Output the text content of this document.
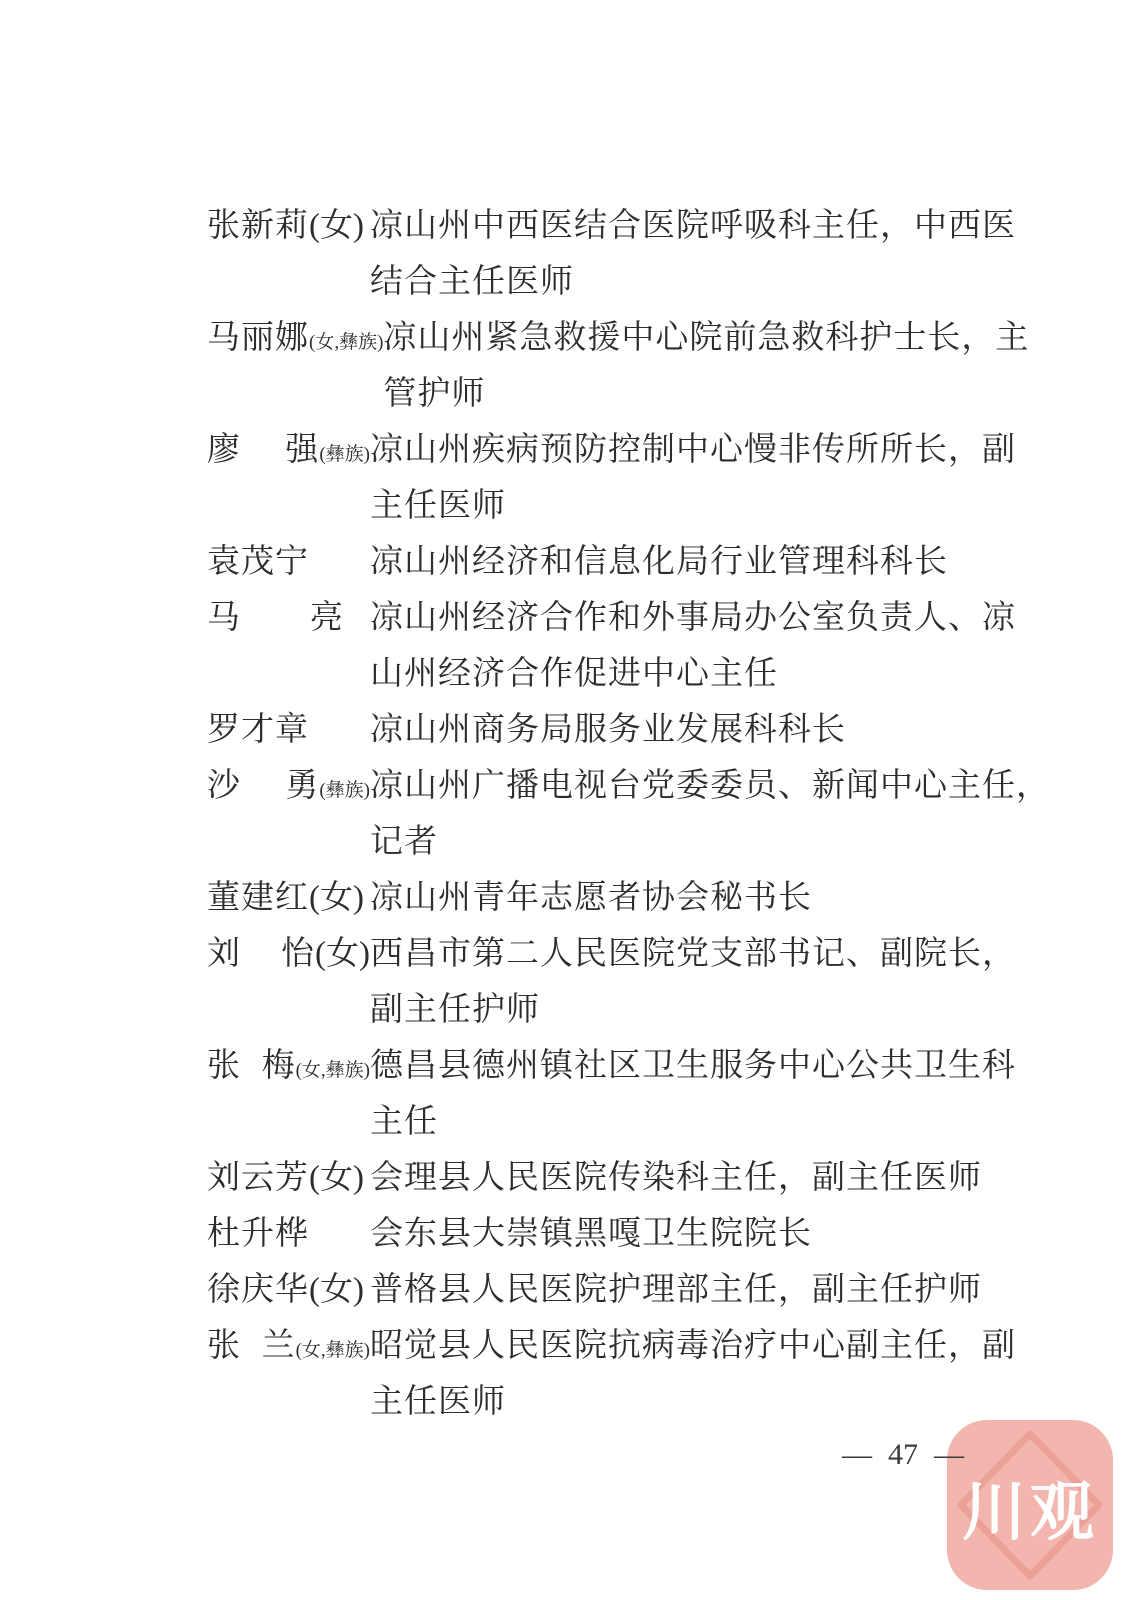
张新莉(女) 凉山州中西医结合医院呼吸科主任，中西医
结合主任医师
马丽娜(女,彝族) 凉山州紧急救援中心院前急救科护士长，主
管护师
廖 强(彝族) 凉山州疾病预防控制中心慢非传所所长，副
主任医师
袁茂宁 凉山州经济和信息化局行业管理科科长
马 亮 凉山州经济合作和外事局办公室负责人、凉
山州经济合作促进中心主任
罗才章 凉山州商务局服务业发展科科长
沙 勇(彝族) 凉山州广播电视台党委委员、新闻中心主任，
记者
董建红(女) 凉山州青年志愿者协会秘书长
刘 怡(女) 西昌市第二人民医院党支部书记、副院长，
副主任护师
张 梅(女,彝族) 德昌县德州镇社区卫生服务中心公共卫生科
主任
刘云芳(女) 会理县人民医院传染科主任，副主任医师
杜升桦 会东县大崇镇黑嘎卫生院院长
徐庆华(女) 普格县人民医院护理部主任，副主任护师
张 兰(女,彝族) 昭觉县人民医院抗病毒治疗中心副主任，副
主任医师
— 47 —
川观
